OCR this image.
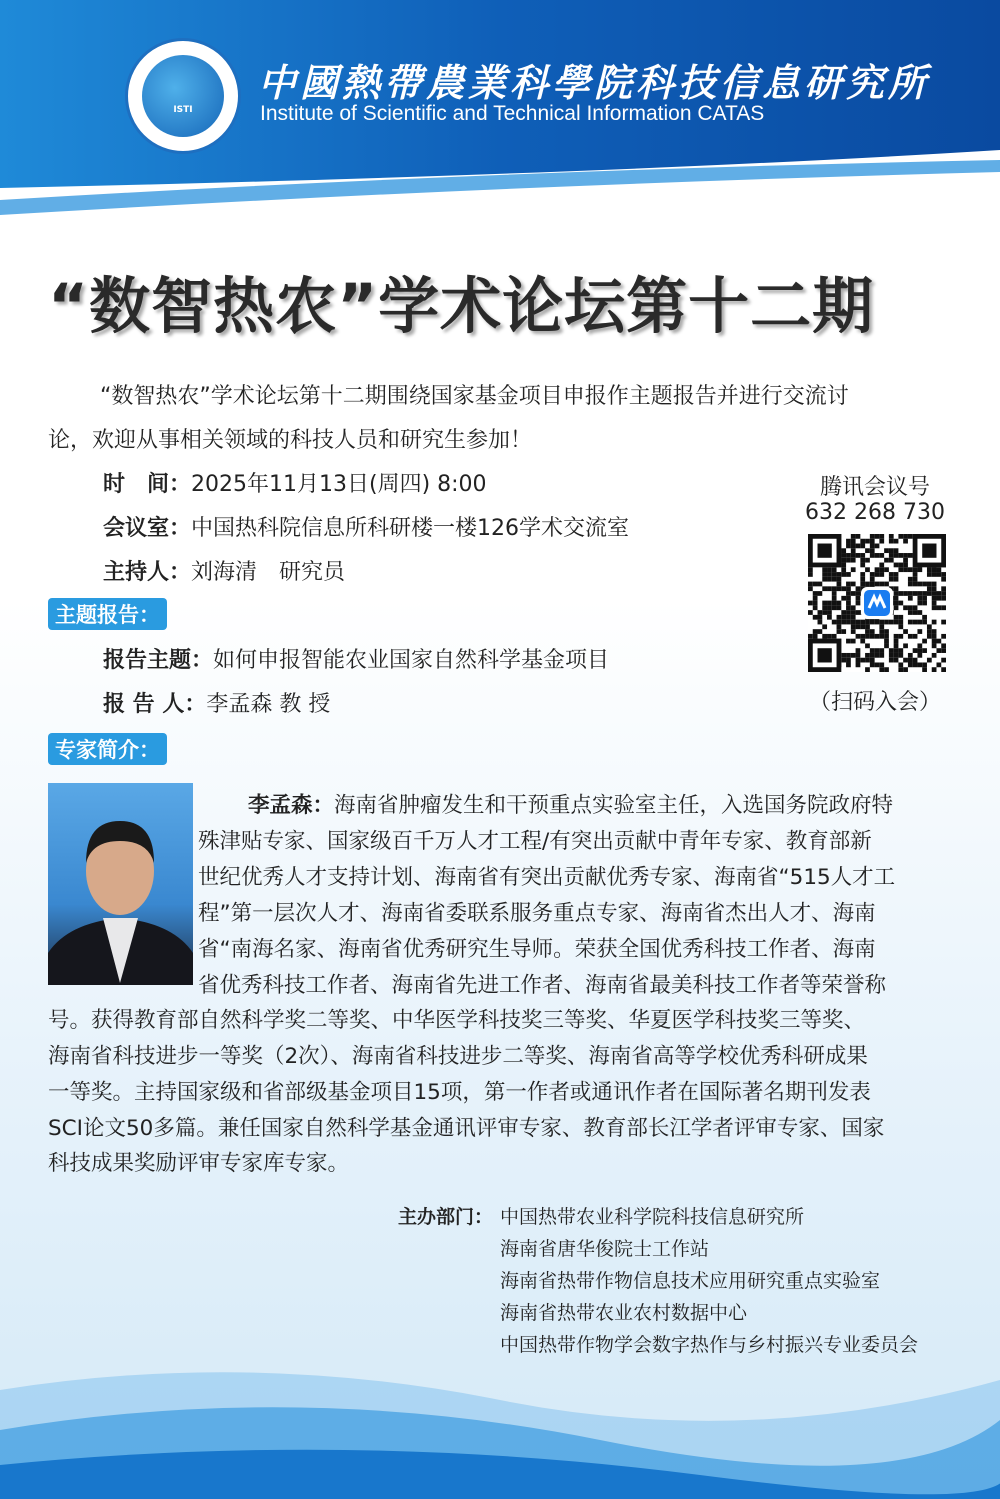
ISTI
中國熱帶農業科學院科技信息研究所
Institute of Scientific and Technical Information CATAS
“数智热农”学术论坛第十二期
“数智热农”学术论坛第十二期围绕国家基金项目申报作主题报告并进行交流讨
论，欢迎从事相关领域的科技人员和研究生参加！
时　间：2025年11月13日(周四) 8:00
会议室：中国热科院信息所科研楼一楼126学术交流室
主持人：刘海清　研究员
腾讯会议号
632 268 730
（扫码入会）
主题报告：
报告主题：如何申报智能农业国家自然科学基金项目
报 告 人：李孟森 教 授
专家简介：
李孟森：海南省肿瘤发生和干预重点实验室主任，入选国务院政府特
殊津贴专家、国家级百千万人才工程/有突出贡献中青年专家、教育部新
世纪优秀人才支持计划、海南省有突出贡献优秀专家、海南省“515人才工
程”第一层次人才、海南省委联系服务重点专家、海南省杰出人才、海南
省“南海名家、海南省优秀研究生导师。荣获全国优秀科技工作者、海南
省优秀科技工作者、海南省先进工作者、海南省最美科技工作者等荣誉称
号。获得教育部自然科学奖二等奖、中华医学科技奖三等奖、华夏医学科技奖三等奖、
海南省科技进步一等奖（2次）、海南省科技进步二等奖、海南省高等学校优秀科研成果
一等奖。主持国家级和省部级基金项目15项，第一作者或通讯作者在国际著名期刊发表
SCI论文50多篇。兼任国家自然科学基金通讯评审专家、教育部长江学者评审专家、国家
科技成果奖励评审专家库专家。
主办部门： 中国热带农业科学院科技信息研究所
海南省唐华俊院士工作站
海南省热带作物信息技术应用研究重点实验室
海南省热带农业农村数据中心
中国热带作物学会数字热作与乡村振兴专业委员会
